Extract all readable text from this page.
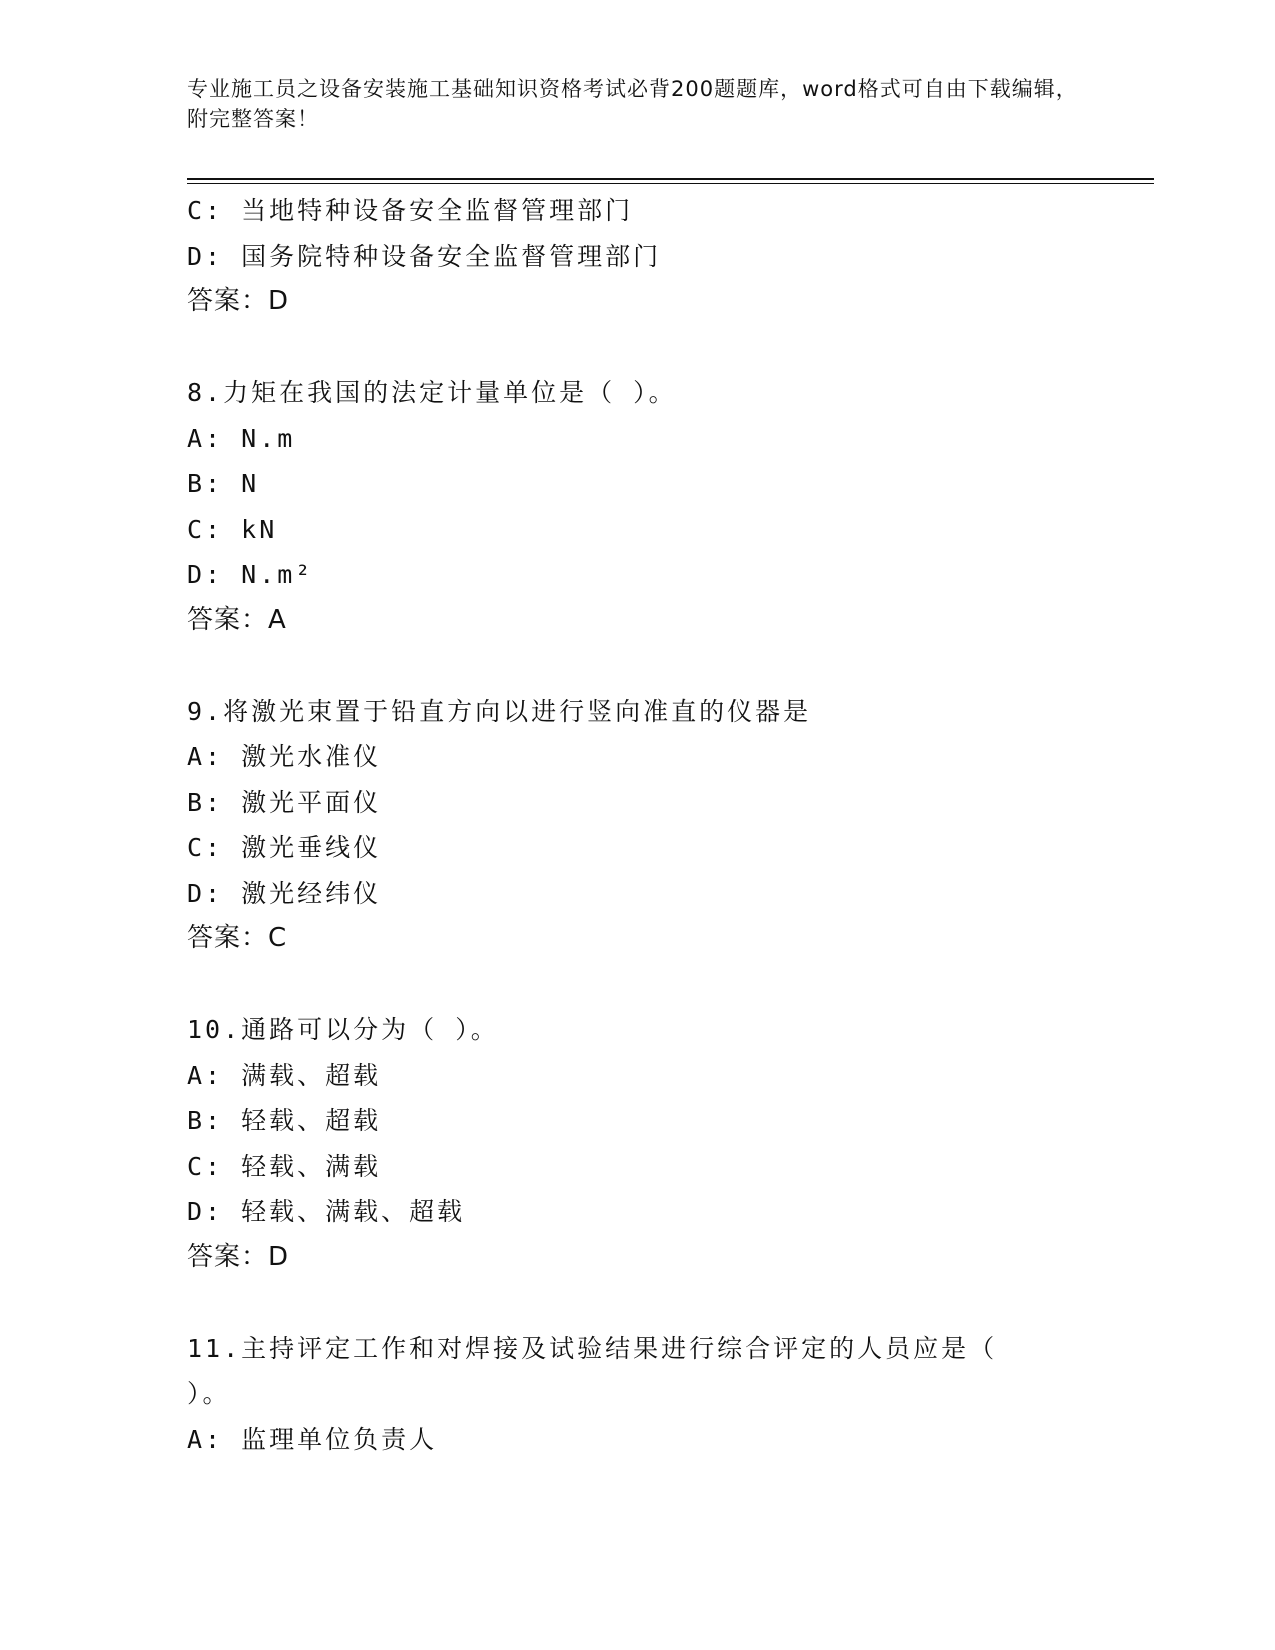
专业施工员之设备安装施工基础知识资格考试必背200题题库，word格式可自由下载编辑，附完整答案！
C: 当地特种设备安全监督管理部门
D: 国务院特种设备安全监督管理部门
答案：D
8.力矩在我国的法定计量单位是（ ）。
A: N.m
B: N
C: kN
D: N.m²
答案：A
9.将激光束置于铅直方向以进行竖向准直的仪器是
A: 激光水准仪
B: 激光平面仪
C: 激光垂线仪
D: 激光经纬仪
答案：C
10.通路可以分为（ ）。
A: 满载、超载
B: 轻载、超载
C: 轻载、满载
D: 轻载、满载、超载
答案：D
11.主持评定工作和对焊接及试验结果进行综合评定的人员应是（ ）。
A: 监理单位负责人
